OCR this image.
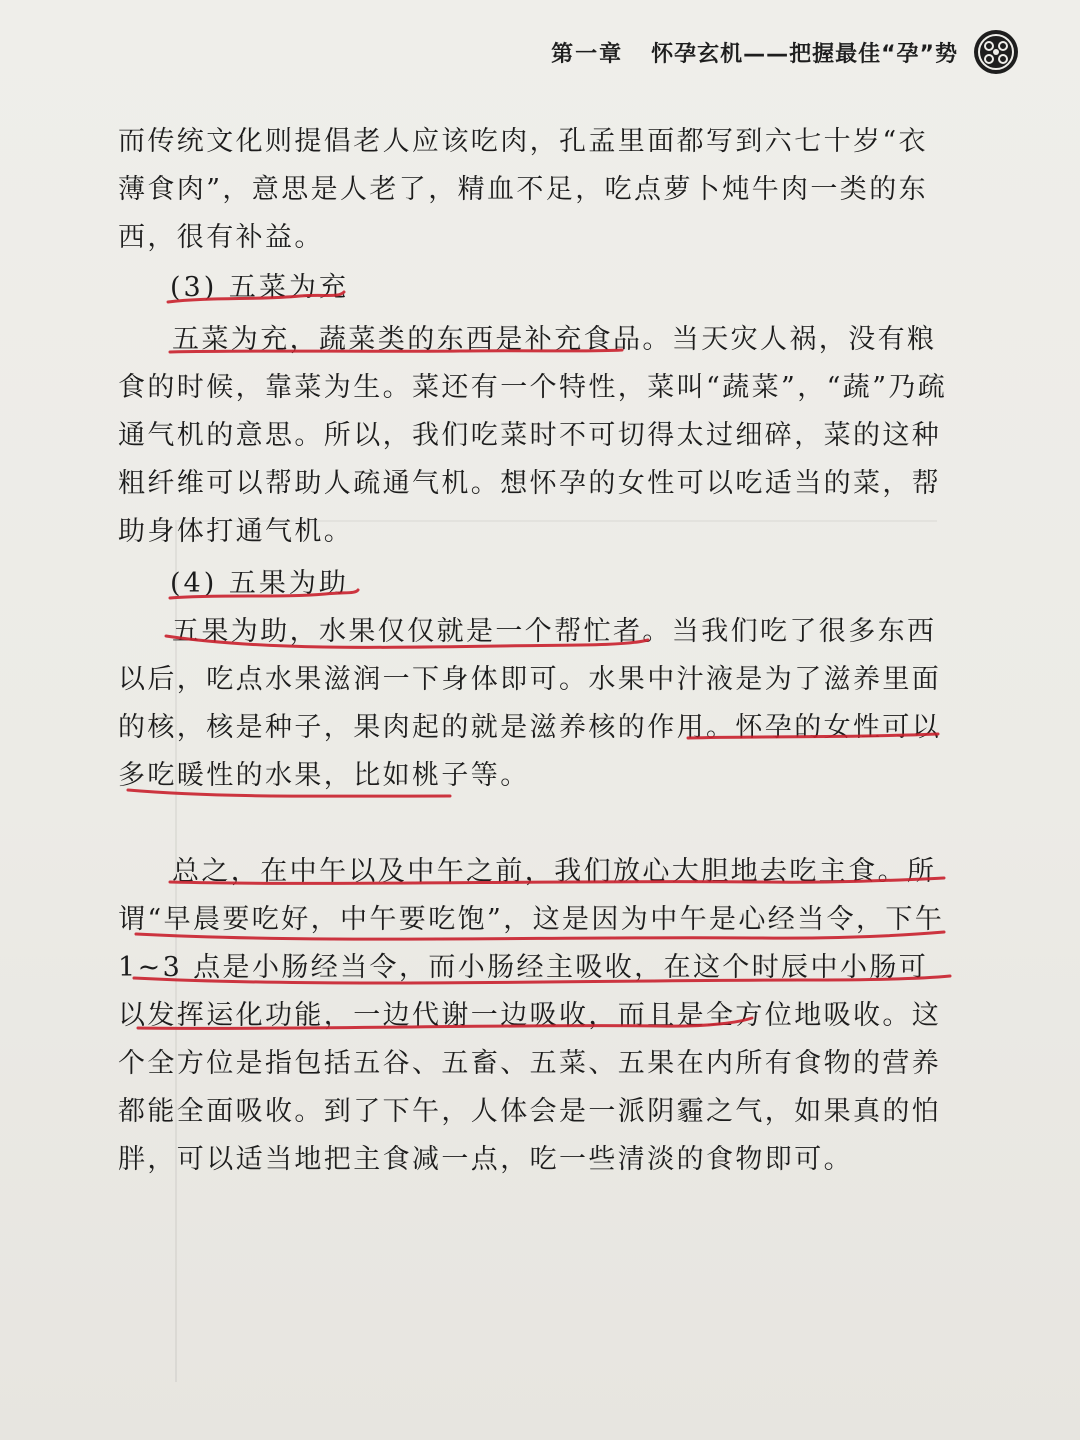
第一章 怀孕玄机——把握最佳“孕”势

而传统文化则提倡老人应该吃肉，孔孟里面都写到六七十岁“衣薄食肉”，意思是人老了，精血不足，吃点萝卜炖牛肉一类的东西，很有补益。

(3) 五菜为充

五菜为充，蔬菜类的东西是补充食品。当天灾人祸，没有粮食的时候，靠菜为生。菜还有一个特性，菜叫“蔬菜”，“蔬”乃疏通气机的意思。所以，我们吃菜时不可切得太过细碎，菜的这种粗纤维可以帮助人疏通气机。想怀孕的女性可以吃适当的菜，帮助身体打通气机。

(4) 五果为助

五果为助，水果仅仅就是一个帮忙者。当我们吃了很多东西以后，吃点水果滋润一下身体即可。水果中汁液是为了滋养里面的核，核是种子，果肉起的就是滋养核的作用。怀孕的女性可以多吃暖性的水果，比如桃子等。

总之，在中午以及中午之前，我们放心大胆地去吃主食。所谓“早晨要吃好，中午要吃饱”，这是因为中午是心经当令，下午 1~3 点是小肠经当令，而小肠经主吸收，在这个时辰中小肠可以发挥运化功能，一边代谢一边吸收，而且是全方位地吸收。这个全方位是指包括五谷、五畜、五菜、五果在内所有食物的营养都能全面吸收。到了下午，人体会是一派阴霾之气，如果真的怕胖，可以适当地把主食减一点，吃一些清淡的食物即可。
